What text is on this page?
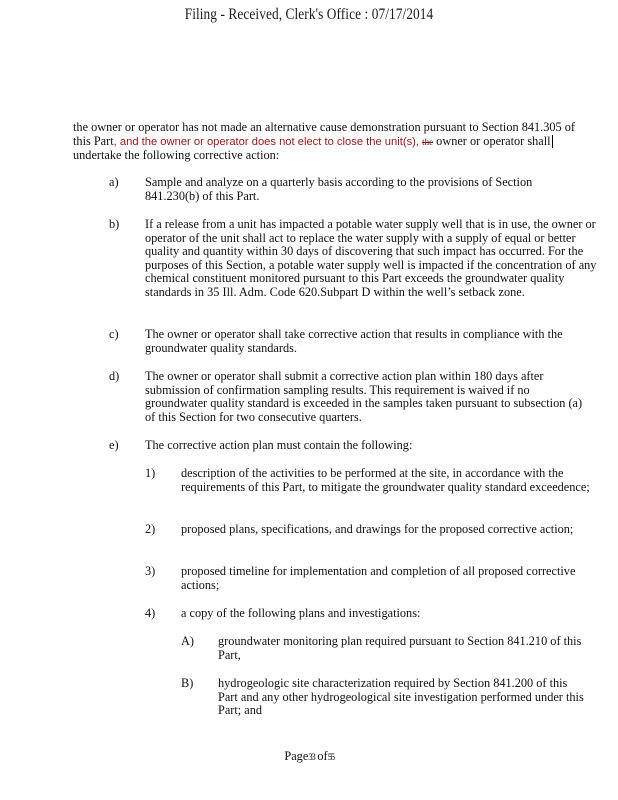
Filing - Received, Clerk's Office : 07/17/2014
the owner or operator has not made an alternative cause demonstration pursuant to Section 841.305 of this Part, and the owner or operator does not elect to close the unit(s), the owner or operator shall undertake the following corrective action:
a) Sample and analyze on a quarterly basis according to the provisions of Section 841.230(b) of this Part.
b) If a release from a unit has impacted a potable water supply well that is in use, the owner or operator of the unit shall act to replace the water supply with a supply of equal or better quality and quantity within 30 days of discovering that such impact has occurred. For the purposes of this Section, a potable water supply well is impacted if the concentration of any chemical constituent monitored pursuant to this Part exceeds the groundwater quality standards in 35 Ill. Adm. Code 620.Subpart D within the well’s setback zone.
c) The owner or operator shall take corrective action that results in compliance with the groundwater quality standards.
d) The owner or operator shall submit a corrective action plan within 180 days after submission of confirmation sampling results. This requirement is waived if no groundwater quality standard is exceeded in the samples taken pursuant to subsection (a) of this Section for two consecutive quarters.
e) The corrective action plan must contain the following:
1) description of the activities to be performed at the site, in accordance with the requirements of this Part, to mitigate the groundwater quality standard exceedence;
2) proposed plans, specifications, and drawings for the proposed corrective action;
3) proposed timeline for implementation and completion of all proposed corrective actions;
4) a copy of the following plans and investigations:
A) groundwater monitoring plan required pursuant to Section 841.210 of this Part,
B) hydrogeologic site characterization required by Section 841.200 of this Part and any other hydrogeological site investigation performed under this Part; and
Page33 of55
